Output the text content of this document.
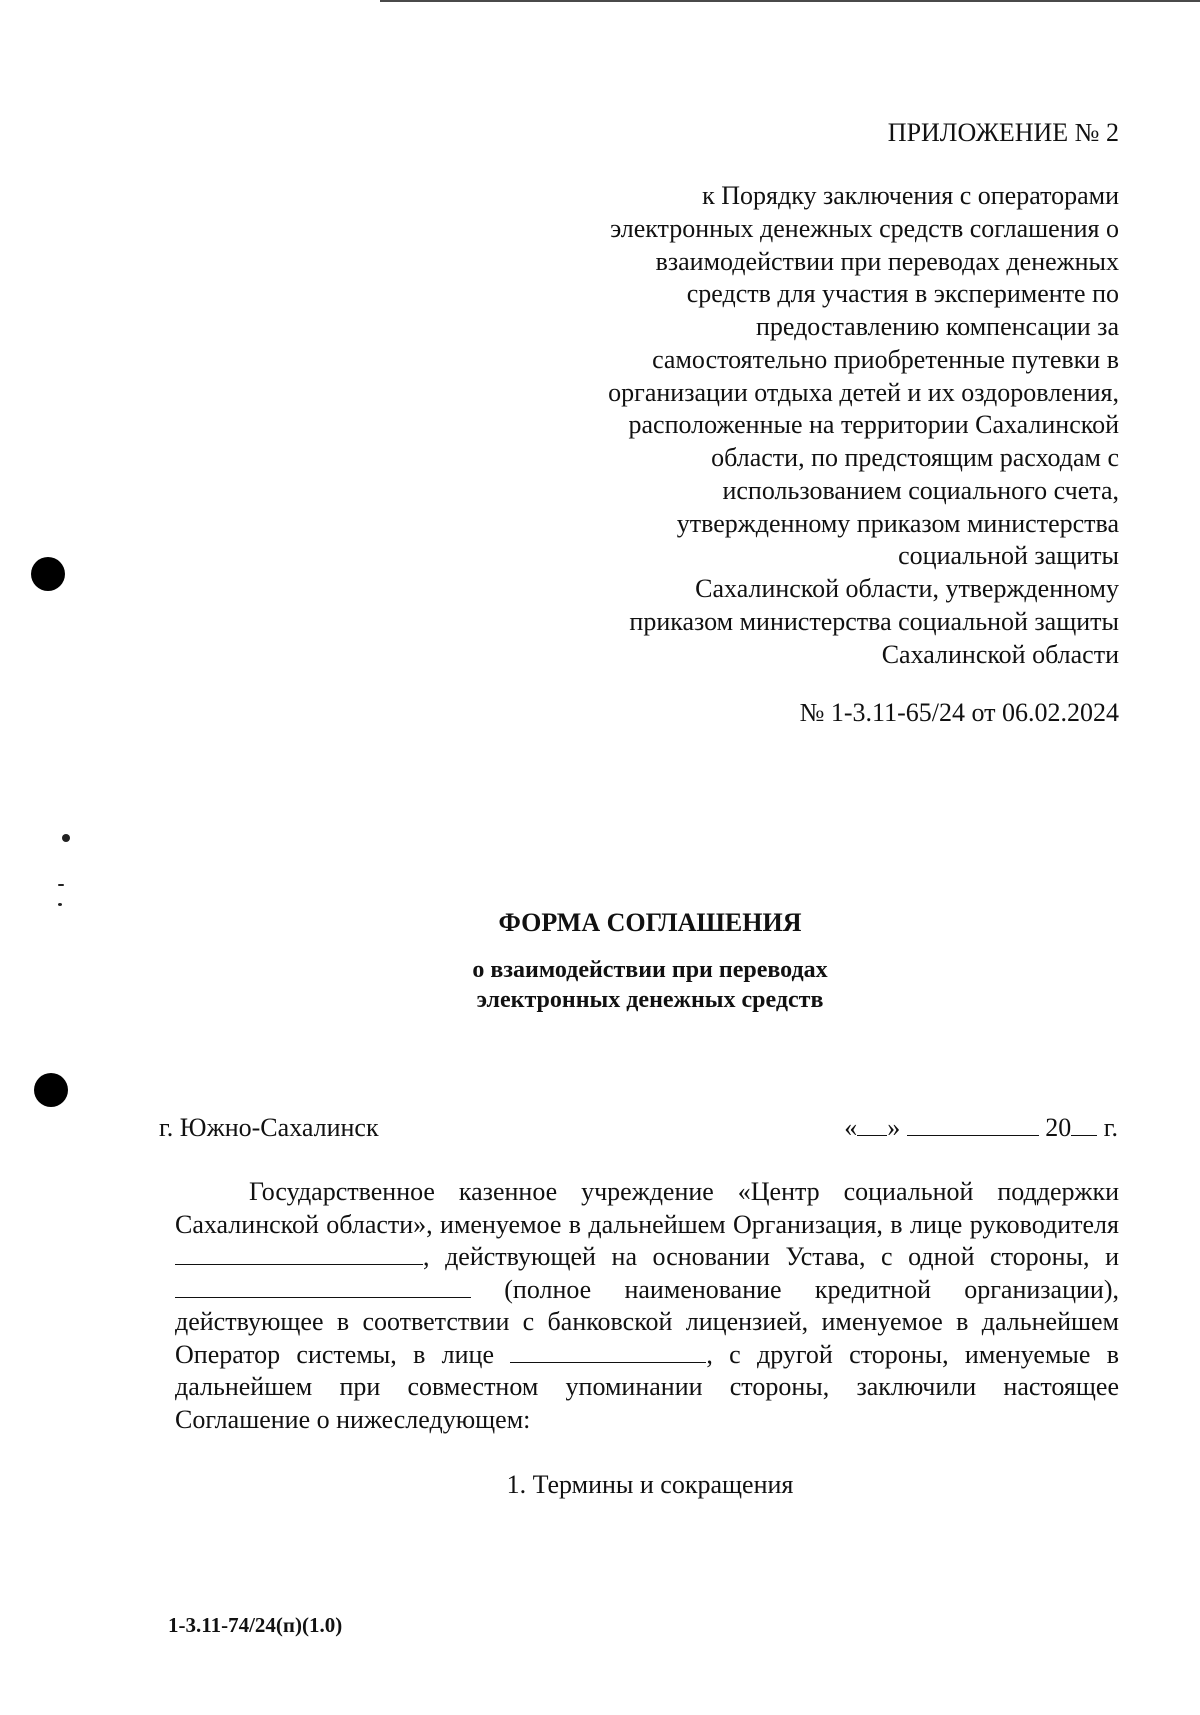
ПРИЛОЖЕНИЕ № 2

к Порядку заключения с операторами
электронных денежных средств соглашения о
взаимодействии при переводах денежных
средств для участия в эксперименте по
предоставлению компенсации за
самостоятельно приобретенные путевки в
организации отдыха детей и их оздоровления,
расположенные на территории Сахалинской
области, по предстоящим расходам с
использованием социального счета,
утвержденному приказом министерства
социальной защиты
Сахалинской области, утвержденному
приказом министерства социальной защиты
Сахалинской области

№ 1-3.11-65/24 от 06.02.2024

ФОРМА СОГЛАШЕНИЯ
о взаимодействии при переводах
электронных денежных средств
г. Южно-Сахалинск	« »	20 г.

Государственное казенное учреждение «Центр социальной поддержки Сахалинской области», именуемое в дальнейшем Организация, в лице руководителя , действующей на основании Устава, с одной стороны, и  (полное наименование кредитной организации), действующее в соответствии с банковской лицензией, именуемое в дальнейшем Оператор системы, в лице	, с другой стороны, именуемые в дальнейшем при совместном упоминании стороны, заключили настоящее Соглашение о нижеследующем:

1. Термины и сокращения
1-3.11-74/24(п)(1.0)
